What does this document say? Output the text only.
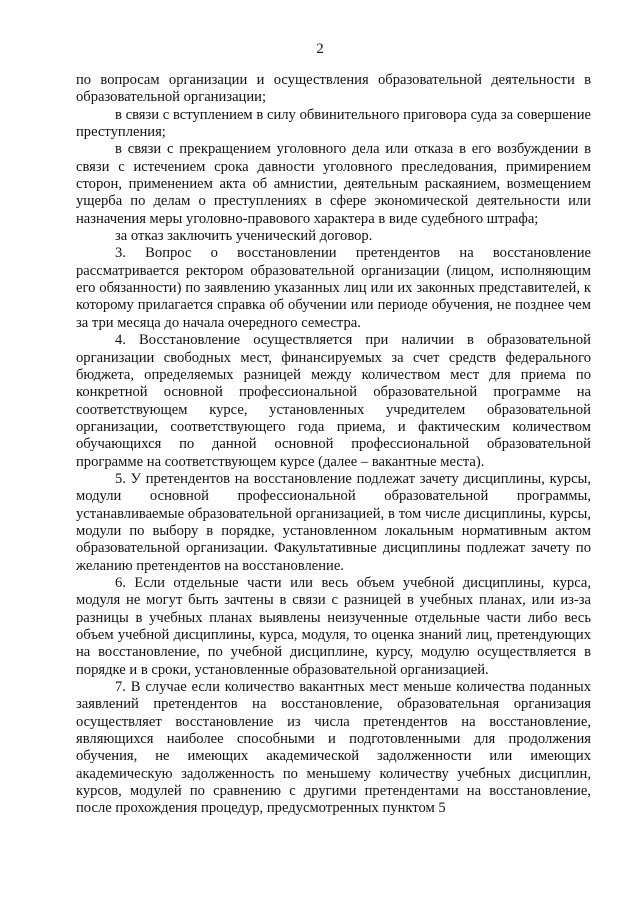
2

по вопросам организации и осуществления образовательной деятельности в образовательной организации;

в связи с вступлением в силу обвинительного приговора суда за совершение преступления;

в связи с прекращением уголовного дела или отказа в его возбуждении в связи с истечением срока давности уголовного преследования, примирением сторон, применением акта об амнистии, деятельным раскаянием, возмещением ущерба по делам о преступлениях в сфере экономической деятельности или назначения меры уголовно-правового характера в виде судебного штрафа;

за отказ заключить ученический договор.

3. Вопрос о восстановлении претендентов на восстановление рассматривается ректором образовательной организации (лицом, исполняющим его обязанности) по заявлению указанных лиц или их законных представителей, к которому прилагается справка об обучении или периоде обучения, не позднее чем за три месяца до начала очередного семестра.

4. Восстановление осуществляется при наличии в образовательной организации свободных мест, финансируемых за счет средств федерального бюджета, определяемых разницей между количеством мест для приема по конкретной основной профессиональной образовательной программе на соответствующем курсе, установленных учредителем образовательной организации, соответствующего года приема, и фактическим количеством обучающихся по данной основной профессиональной образовательной программе на соответствующем курсе (далее – вакантные места).

5. У претендентов на восстановление подлежат зачету дисциплины, курсы, модули основной профессиональной образовательной программы, устанавливаемые образовательной организацией, в том числе дисциплины, курсы, модули по выбору в порядке, установленном локальным нормативным актом образовательной организации. Факультативные дисциплины подлежат зачету по желанию претендентов на восстановление.

6. Если отдельные части или весь объем учебной дисциплины, курса, модуля не могут быть зачтены в связи с разницей в учебных планах, или из-за разницы в учебных планах выявлены неизученные отдельные части либо весь объем учебной дисциплины, курса, модуля, то оценка знаний лиц, претендующих на восстановление, по учебной дисциплине, курсу, модулю осуществляется в порядке и в сроки, установленные образовательной организацией.

7. В случае если количество вакантных мест меньше количества поданных заявлений претендентов на восстановление, образовательная организация осуществляет восстановление из числа претендентов на восстановление, являющихся наиболее способными и подготовленными для продолжения обучения, не имеющих академической задолженности или имеющих академическую задолженность по меньшему количеству учебных дисциплин, курсов, модулей по сравнению с другими претендентами на восстановление, после прохождения процедур, предусмотренных пунктом 5
